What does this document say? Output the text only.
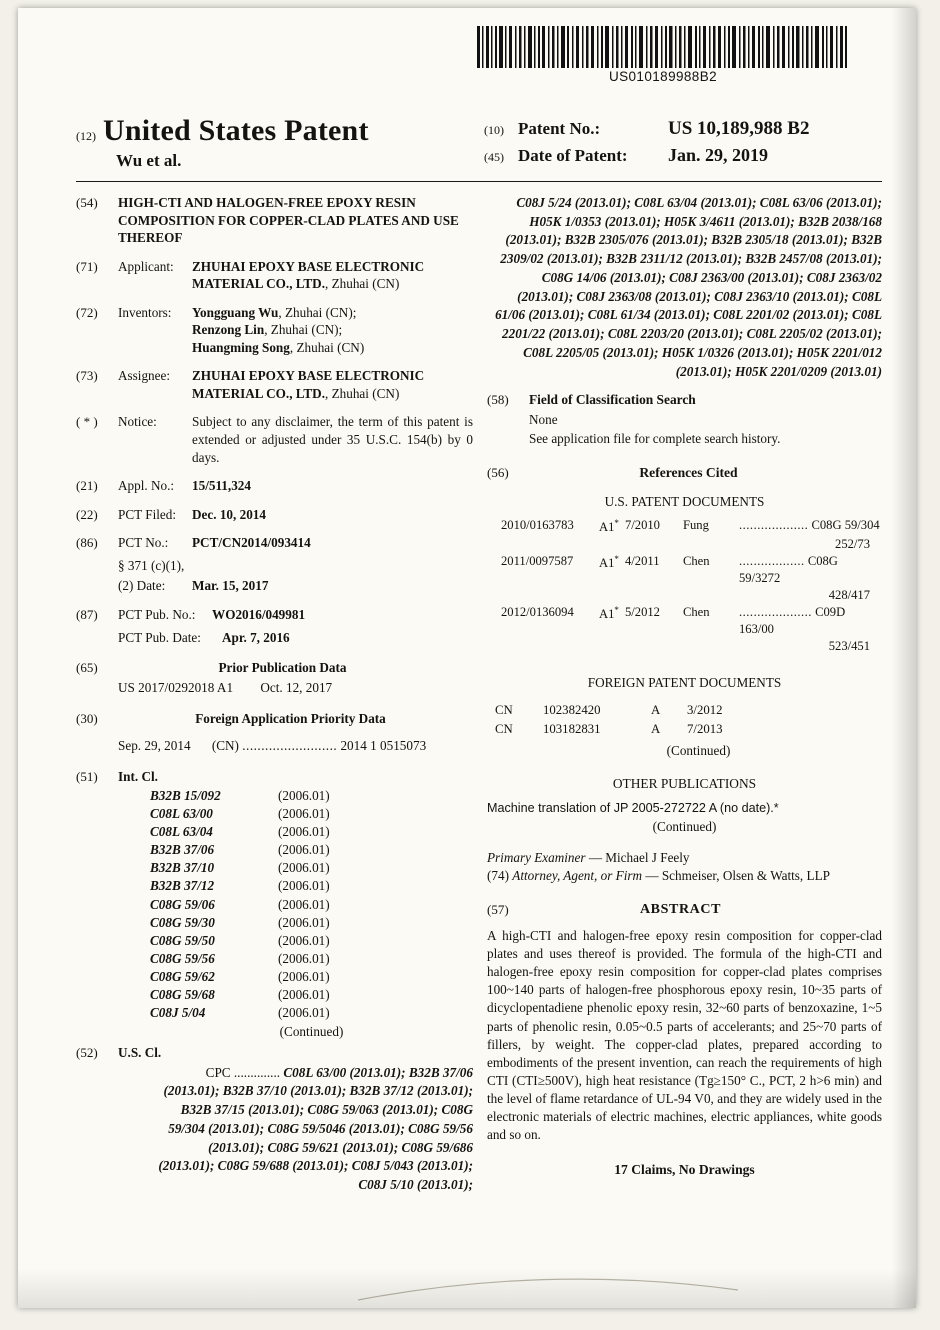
US010189988B2
(12) United States Patent
Wu et al.
(10) Patent No.:	US 10,189,988 B2
(45) Date of Patent:	Jan. 29, 2019
(54)	HIGH-CTI AND HALOGEN-FREE EPOXY RESIN COMPOSITION FOR COPPER-CLAD PLATES AND USE THEREOF
(71)	Applicant:	ZHUHAI EPOXY BASE ELECTRONIC MATERIAL CO., LTD., Zhuhai (CN)
(72)	Inventors:	Yongguang Wu, Zhuhai (CN);
Renzong Lin, Zhuhai (CN);
Huangming Song, Zhuhai (CN)
(73)	Assignee:	ZHUHAI EPOXY BASE ELECTRONIC MATERIAL CO., LTD., Zhuhai (CN)
( * )	Notice:	Subject to any disclaimer, the term of this patent is extended or adjusted under 35 U.S.C. 154(b) by 0 days.
(21)	Appl. No.:	15/511,324
(22)	PCT Filed:	Dec. 10, 2014
(86)	PCT No.:	PCT/CN2014/093414
§ 371 (c)(1),
(2) Date:	Mar. 15, 2017
(87)	PCT Pub. No.:	WO2016/049981
PCT Pub. Date:	Apr. 7, 2016
(65)	Prior Publication Data
US 2017/0292018 A1 Oct. 12, 2017
(30)	Foreign Application Priority Data
Sep. 29, 2014 (CN) ......................... 2014 1 0515073
(51)	Int. Cl.
B32B 15/092	(2006.01)
C08L 63/00	(2006.01)
C08L 63/04	(2006.01)
B32B 37/06	(2006.01)
B32B 37/10	(2006.01)
B32B 37/12	(2006.01)
C08G 59/06	(2006.01)
C08G 59/30	(2006.01)
C08G 59/50	(2006.01)
C08G 59/56	(2006.01)
C08G 59/62	(2006.01)
C08G 59/68	(2006.01)
C08J 5/04	(2006.01)
(Continued)
(52)	U.S. Cl.
CPC .............. C08L 63/00 (2013.01); B32B 37/06 (2013.01); B32B 37/10 (2013.01); B32B 37/12 (2013.01); B32B 37/15 (2013.01); C08G 59/063 (2013.01); C08G 59/304 (2013.01); C08G 59/5046 (2013.01); C08G 59/56 (2013.01); C08G 59/621 (2013.01); C08G 59/686 (2013.01); C08G 59/688 (2013.01); C08J 5/043 (2013.01); C08J 5/10 (2013.01);
C08J 5/24 (2013.01); C08L 63/04 (2013.01); C08L 63/06 (2013.01); H05K 1/0353 (2013.01); H05K 3/4611 (2013.01); B32B 2038/168 (2013.01); B32B 2305/076 (2013.01); B32B 2305/18 (2013.01); B32B 2309/02 (2013.01); B32B 2311/12 (2013.01); B32B 2457/08 (2013.01); C08G 14/06 (2013.01); C08J 2363/00 (2013.01); C08J 2363/02 (2013.01); C08J 2363/08 (2013.01); C08J 2363/10 (2013.01); C08L 61/06 (2013.01); C08L 61/34 (2013.01); C08L 2201/02 (2013.01); C08L 2201/22 (2013.01); C08L 2203/20 (2013.01); C08L 2205/02 (2013.01); C08L 2205/05 (2013.01); H05K 1/0326 (2013.01); H05K 2201/012 (2013.01); H05K 2201/0209 (2013.01)
(58)	Field of Classification Search
None
See application file for complete search history.
(56)	References Cited
U.S. PATENT DOCUMENTS
2010/0163783	A1* 7/2010	Fung	................... C08G 59/304
252/73
2011/0097587	A1* 4/2011	Chen	.................. C08G 59/3272
428/417
2012/0136094	A1* 5/2012	Chen	.................... C09D 163/00
523/451
FOREIGN PATENT DOCUMENTS
CN	102382420	A	3/2012
CN	103182831	A	7/2013
(Continued)
OTHER PUBLICATIONS
Machine translation of JP 2005-272722 A (no date).*
(Continued)
Primary Examiner — Michael J Feely
(74) Attorney, Agent, or Firm — Schmeiser, Olsen & Watts, LLP
(57)	ABSTRACT
A high-CTI and halogen-free epoxy resin composition for copper-clad plates and uses thereof is provided. The formula of the high-CTI and halogen-free epoxy resin composition for copper-clad plates comprises 100~140 parts of halogen-free phosphorous epoxy resin, 10~35 parts of dicyclopentadiene phenolic epoxy resin, 32~60 parts of benzoxazine, 1~5 parts of phenolic resin, 0.05~0.5 parts of accelerants; and 25~70 parts of fillers, by weight. The copper-clad plates, prepared according to embodiments of the present invention, can reach the requirements of high CTI (CTI≥500V), high heat resistance (Tg≥150° C., PCT, 2 h>6 min) and the level of flame retardance of UL-94 V0, and they are widely used in the electronic materials of electric machines, electric appliances, white goods and so on.
17 Claims, No Drawings
